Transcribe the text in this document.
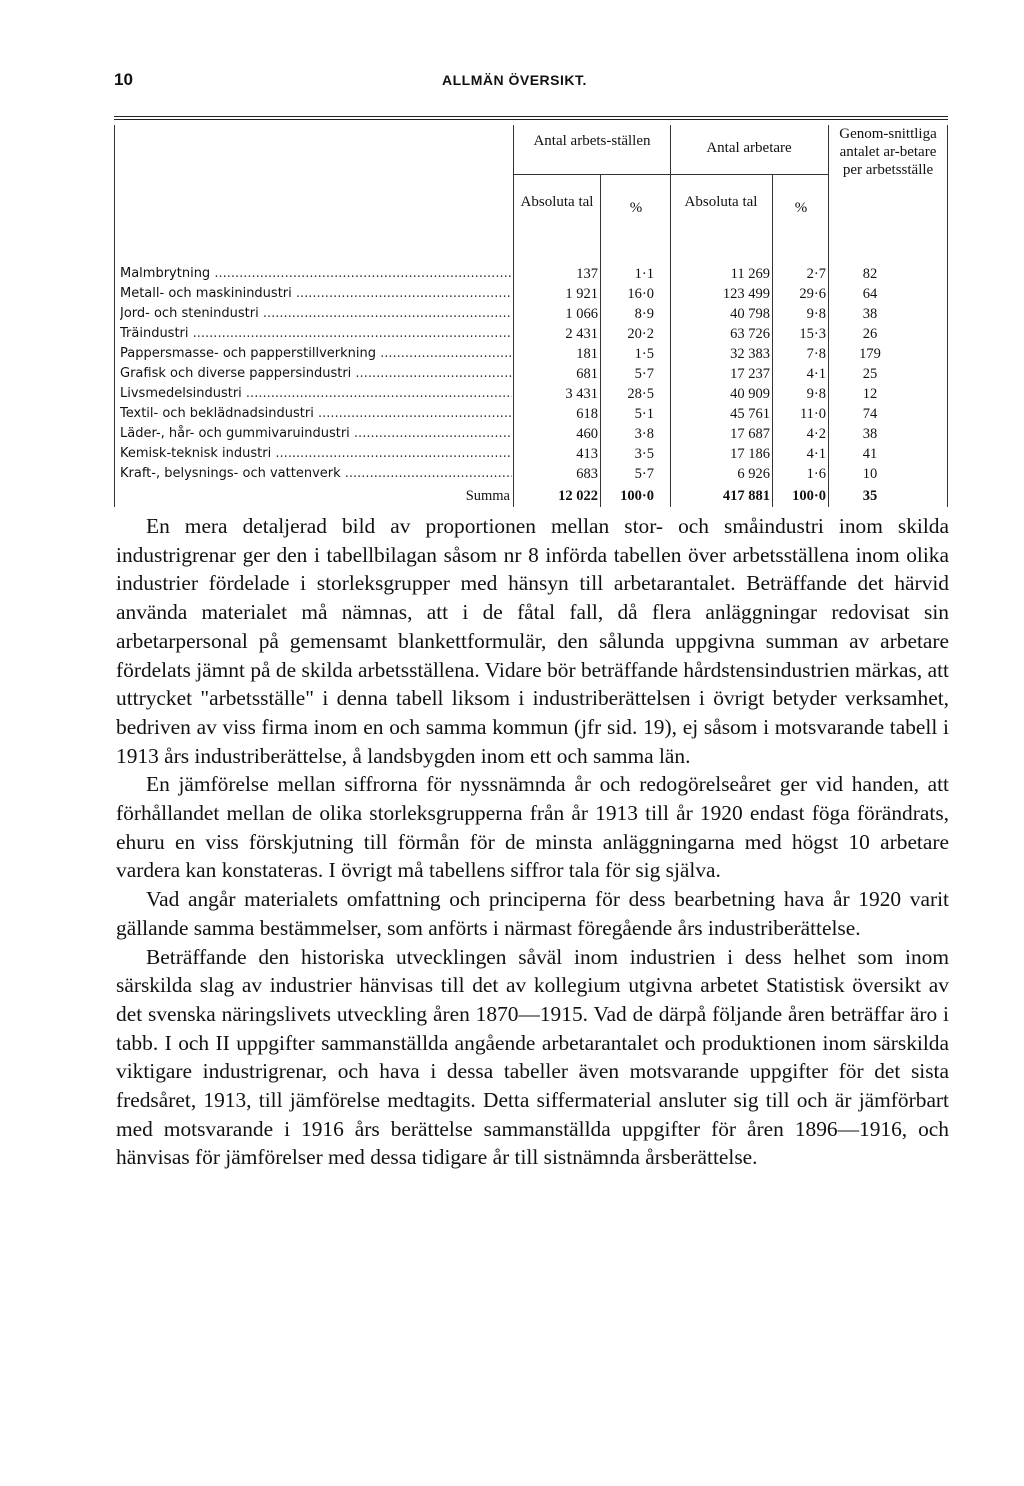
10	ALLMÄN ÖVERSIKT.
Antal arbets-ställen	Antal arbetare
Genom-snittliga antalet ar-betare per arbetsställe
Absoluta tal	%	Absoluta tal	%
Malmbrytning .....	137	1·1	11 269	2·7	82
Metall- och maskinindustri .....	1 921	16·0	123 499	29·6	64
Jord- och stenindustri .....	1 066	8·9	40 798	9·8	38
Träindustri .....	2 431	20·2	63 726	15·3	26
Pappersmasse- och papperstillverkning .....	181	1·5	32 383	7·8	179
Grafisk och diverse pappersindustri .....	681	5·7	17 237	4·1	25
Livsmedelsindustri .....	3 431	28·5	40 909	9·8	12
Textil- och beklädnadsindustri .....	618	5·1	45 761	11·0	74
Läder-, hår- och gummivaruindustri .....	460	3·8	17 687	4·2	38
Kemisk-teknisk industri .....	413	3·5	17 186	4·1	41
Kraft-, belysnings- och vattenverk .....	683	5·7	6 926	1·6	10
Summa	12 022	100·0	417 881	100·0	35

En mera detaljerad bild av proportionen mellan stor- och småindustri inom skilda industrigrenar ger den i tabellbilagan såsom nr 8 införda tabellen över arbetsställena inom olika industrier fördelade i storleksgrupper med hänsyn till arbetarantalet. Beträffande det härvid använda materialet må nämnas, att i de fåtal fall, då flera anläggningar redovisat sin arbetarpersonal på gemensamt blankettformulär, den sålunda uppgivna summan av arbetare fördelats jämnt på de skilda arbetsställena. Vidare bör beträffande hårdstensindustrien märkas, att uttrycket "arbetsställe" i denna tabell liksom i industriberättelsen i övrigt betyder verksamhet, bedriven av viss firma inom en och samma kommun (jfr sid. 19), ej såsom i motsvarande tabell i 1913 års industriberättelse, å landsbygden inom ett och samma län.

En jämförelse mellan siffrorna för nyssnämnda år och redogörelseåret ger vid handen, att förhållandet mellan de olika storleksgrupperna från år 1913 till år 1920 endast föga förändrats, ehuru en viss förskjutning till förmån för de minsta anläggningarna med högst 10 arbetare vardera kan konstateras. I övrigt må tabellens siffror tala för sig själva.

Vad angår materialets omfattning och principerna för dess bearbetning hava år 1920 varit gällande samma bestämmelser, som anförts i närmast föregående års industriberättelse.

Beträffande den historiska utvecklingen såväl inom industrien i dess helhet som inom särskilda slag av industrier hänvisas till det av kollegium utgivna arbetet Statistisk översikt av det svenska näringslivets utveckling åren 1870—1915. Vad de därpå följande åren beträffar äro i tabb. I och II uppgifter sammanställda angående arbetarantalet och produktionen inom särskilda viktigare industrigrenar, och hava i dessa tabeller även motsvarande uppgifter för det sista fredsåret, 1913, till jämförelse medtagits. Detta siffermaterial ansluter sig till och är jämförbart med motsvarande i 1916 års berättelse sammanställda uppgifter för åren 1896—1916, och hänvisas för jämförelser med dessa tidigare år till sistnämnda årsberättelse.
